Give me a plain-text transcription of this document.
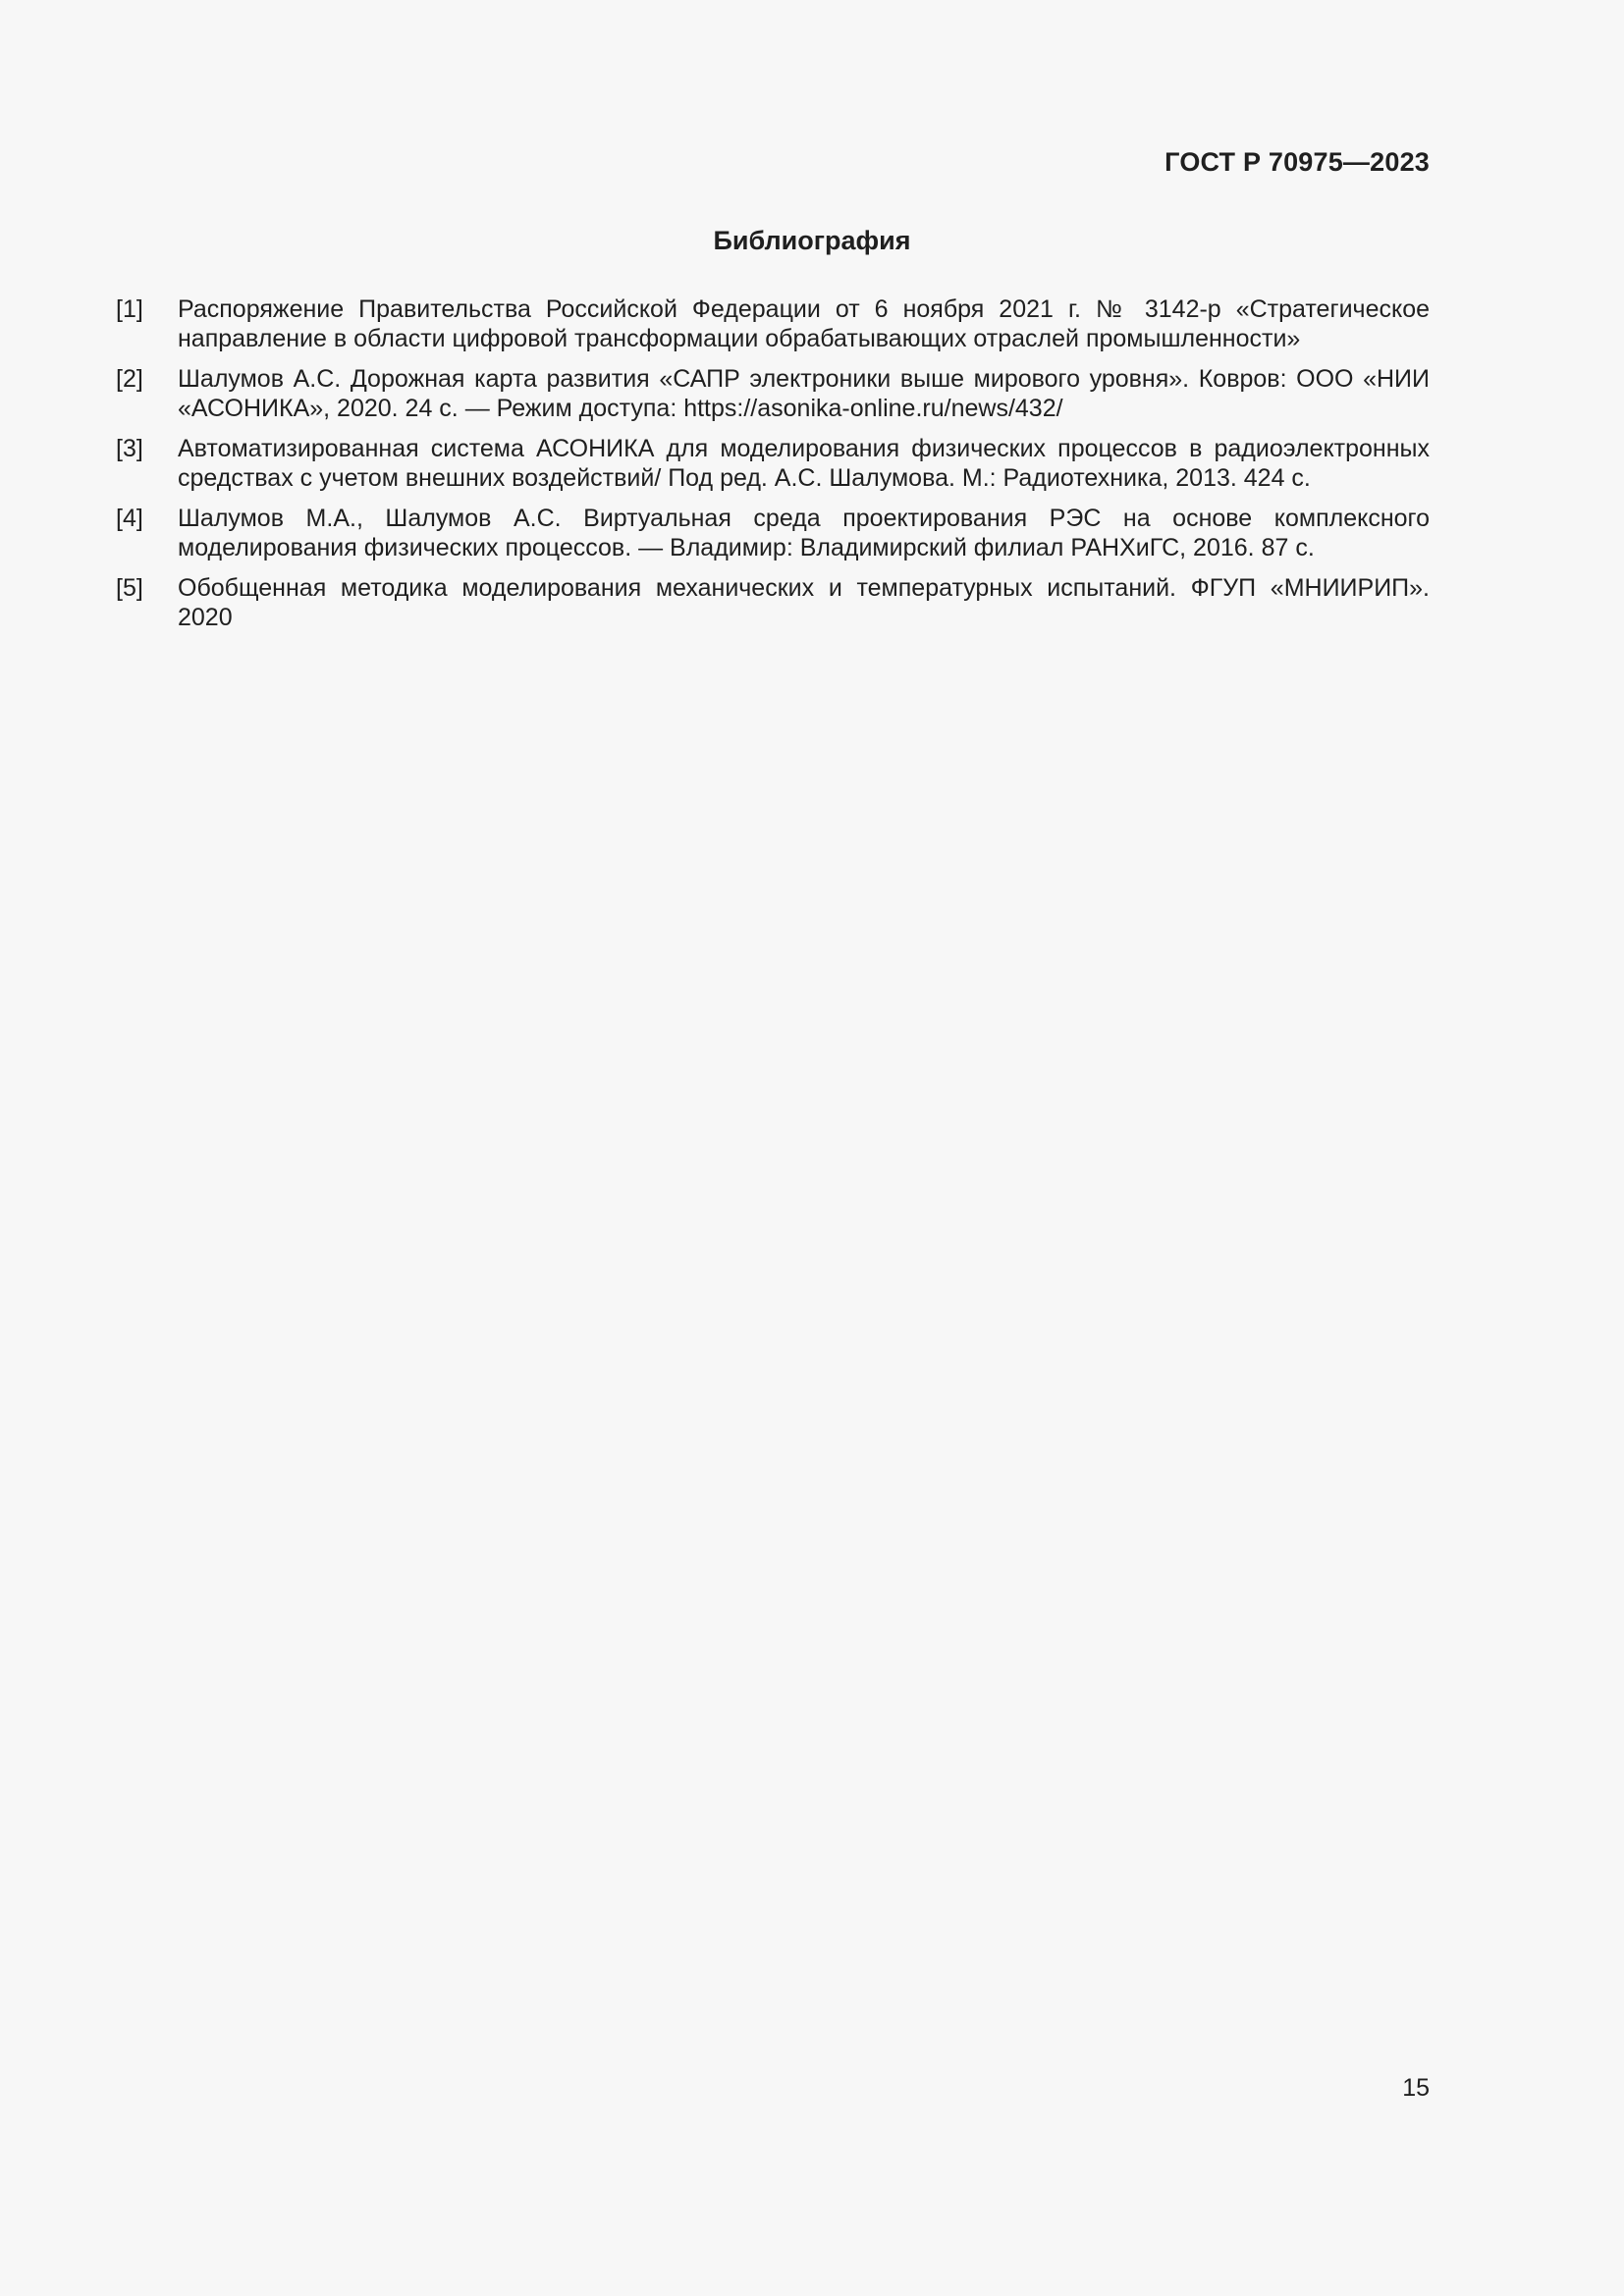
ГОСТ Р 70975—2023
Библиография
[1]	Распоряжение Правительства Российской Федерации от 6 ноября 2021 г. № 3142-р «Стратегическое направление в области цифровой трансформации обрабатывающих отраслей промышленности»
[2]	Шалумов А.С. Дорожная карта развития «САПР электроники выше мирового уровня». Ковров: ООО «НИИ «АСОНИКА», 2020. 24 с. — Режим доступа: https://asonika-online.ru/news/432/
[3]	Автоматизированная система АСОНИКА для моделирования физических процессов в радиоэлектронных средствах с учетом внешних воздействий/ Под ред. А.С. Шалумова. М.: Радиотехника, 2013. 424 с.
[4]	Шалумов М.А., Шалумов А.С. Виртуальная среда проектирования РЭС на основе комплексного моделирования физических процессов. — Владимир: Владимирский филиал РАНХиГС, 2016. 87 с.
[5]	Обобщенная методика моделирования механических и температурных испытаний. ФГУП «МНИИРИП». 2020
15
